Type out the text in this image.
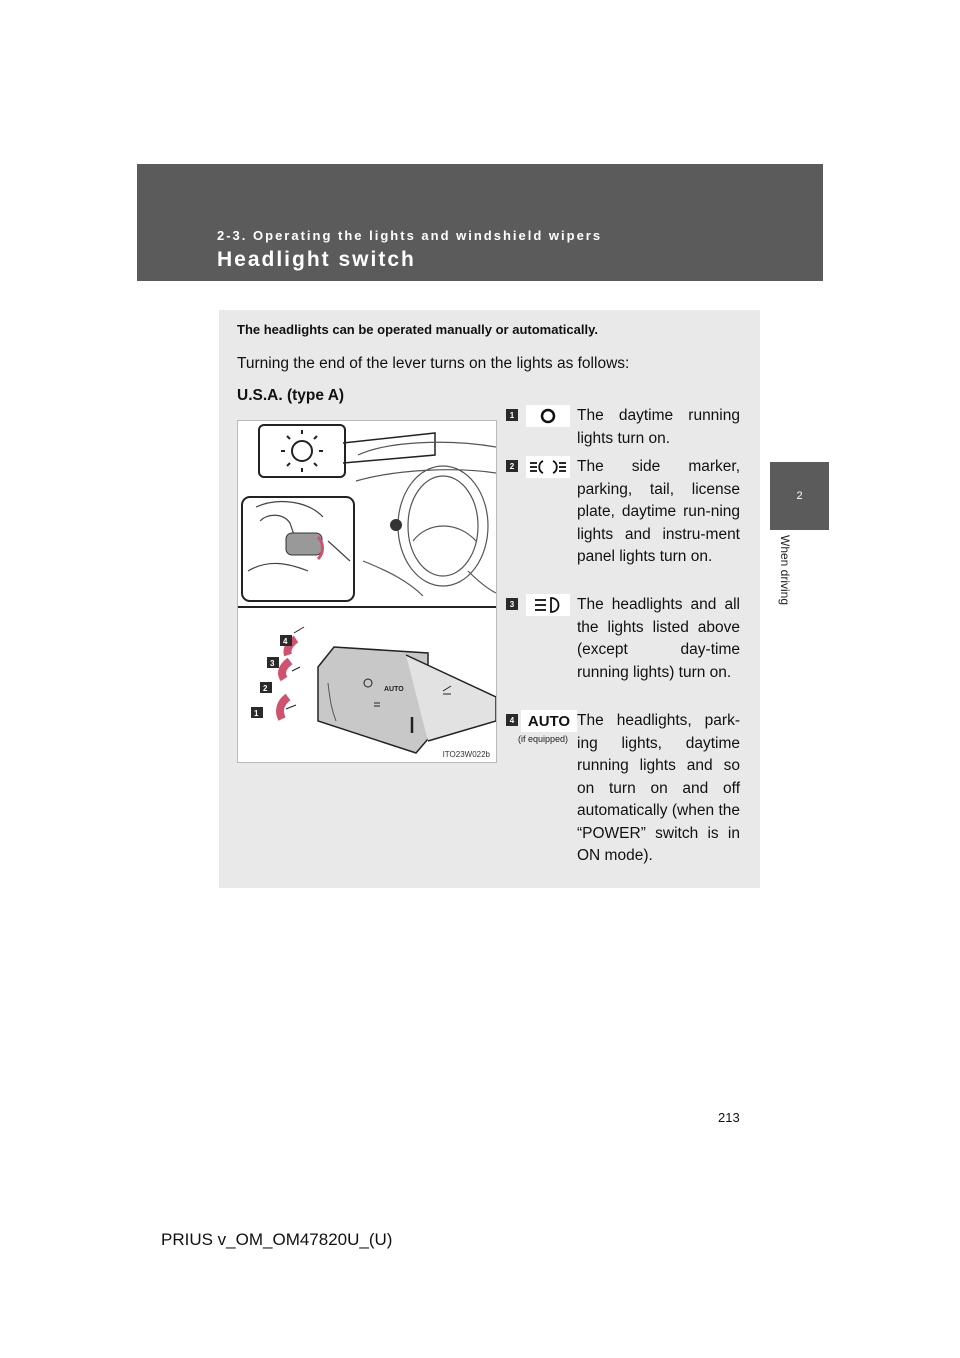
2-3. Operating the lights and windshield wipers
Headlight switch
2
When driving
The headlights can be operated manually or automatically.
Turning the end of the lever turns on the lights as follows:
U.S.A. (type A)
AUTO
4
3
2
1
ITO23W022b
1	The daytime running lights turn on.
2	The side marker, parking, tail, license plate, daytime run-ning lights and instru-ment panel lights turn on.
3	The headlights and all the lights listed above (except day-time running lights) turn on.
4 AUTO
(if equipped)
The headlights, park-ing lights, daytime running lights and so on turn on and off automatically (when the “POWER” switch is in ON mode).
213
PRIUS v_OM_OM47820U_(U)
